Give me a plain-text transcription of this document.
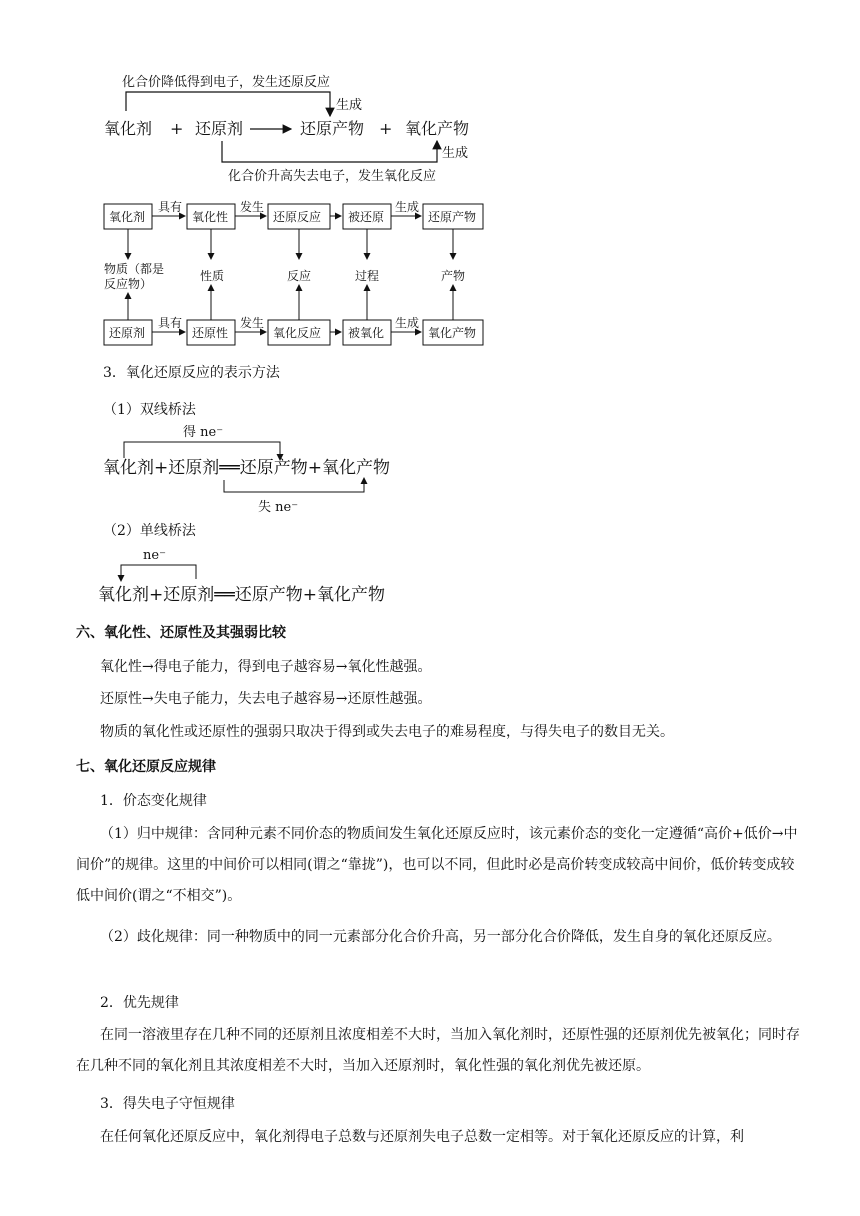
化合价降低得到电子，发生还原反应
生成
氧化剂 + 还原剂	还原产物 + 氧化产物
生成
化合价升高失去电子，发生氧化反应
氧化剂	氧化性	还原反应 被还原	还原产物
具有	发生	生成
物质（都是
反应物）
性质	反应	过程	产物
还原剂	还原性	氧化反应 被氧化	氧化产物
具有	发生	生成
3．氧化还原反应的表示方法
（1）双线桥法
得 ne⁻
氧化剂+还原剂══还原产物+氧化产物
失 ne⁻
（2）单线桥法
ne⁻
氧化剂+还原剂══还原产物+氧化产物
六、氧化性、还原性及其强弱比较
氧化性→得电子能力，得到电子越容易→氧化性越强。
还原性→失电子能力，失去电子越容易→还原性越强。
物质的氧化性或还原性的强弱只取决于得到或失去电子的难易程度，与得失电子的数目无关。
七、氧化还原反应规律
1．价态变化规律
（1）归中规律：含同种元素不同价态的物质间发生氧化还原反应时，该元素价态的变化一定遵循“高价+低价→中间价”的规律。这里的中间价可以相同(谓之“靠拢”)，也可以不同，但此时必是高价转变成较高中间价，低价转变成较低中间价(谓之“不相交”)。
（2）歧化规律：同一种物质中的同一元素部分化合价升高，另一部分化合价降低，发生自身的氧化还原反应。
2．优先规律
在同一溶液里存在几种不同的还原剂且浓度相差不大时，当加入氧化剂时，还原性强的还原剂优先被氧化；同时存在几种不同的氧化剂且其浓度相差不大时，当加入还原剂时，氧化性强的氧化剂优先被还原。
3．得失电子守恒规律
在任何氧化还原反应中，氧化剂得电子总数与还原剂失电子总数一定相等。对于氧化还原反应的计算，利
